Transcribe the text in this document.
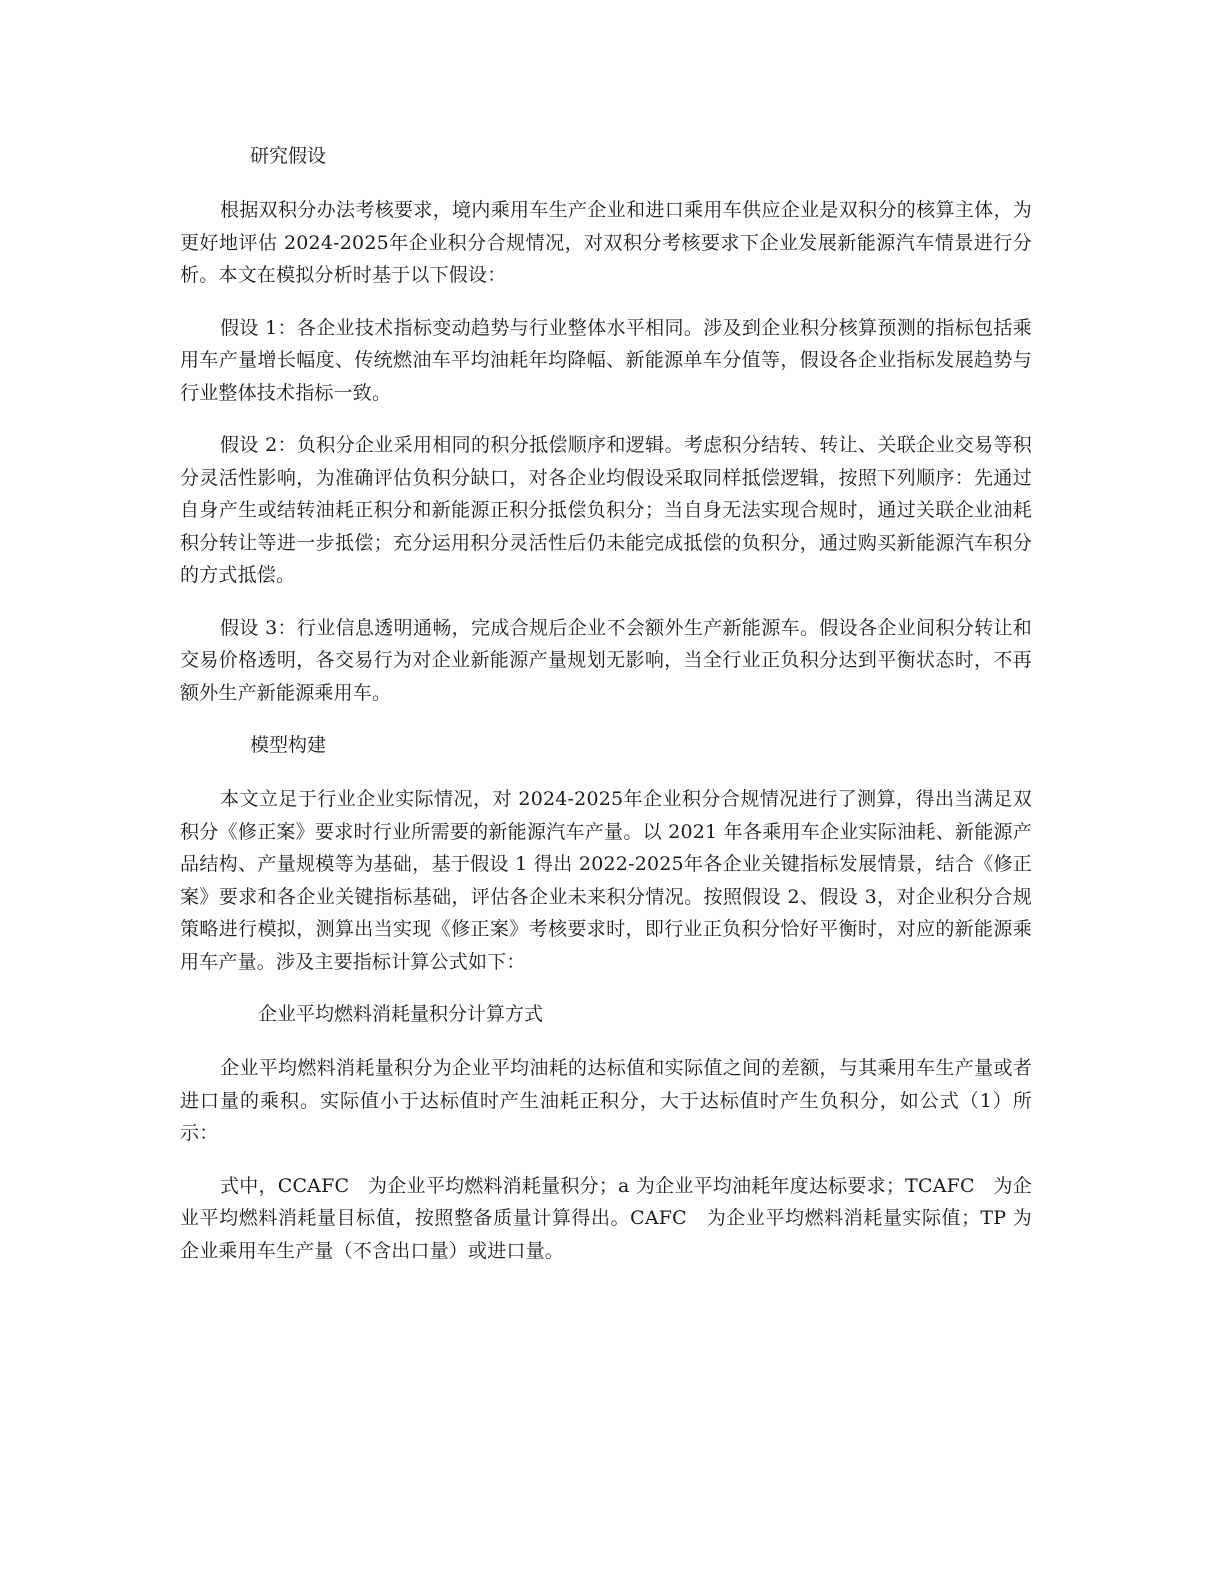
研究假设

根据双积分办法考核要求，境内乘用车生产企业和进口乘用车供应企业是双积分的核算主体，为更好地评估 2024-2025年企业积分合规情况，对双积分考核要求下企业发展新能源汽车情景进行分析。本文在模拟分析时基于以下假设：

假设 1：各企业技术指标变动趋势与行业整体水平相同。涉及到企业积分核算预测的指标包括乘用车产量增长幅度、传统燃油车平均油耗年均降幅、新能源单车分值等，假设各企业指标发展趋势与行业整体技术指标一致。

假设 2：负积分企业采用相同的积分抵偿顺序和逻辑。考虑积分结转、转让、关联企业交易等积分灵活性影响，为准确评估负积分缺口，对各企业均假设采取同样抵偿逻辑，按照下列顺序：先通过自身产生或结转油耗正积分和新能源正积分抵偿负积分；当自身无法实现合规时，通过关联企业油耗积分转让等进一步抵偿；充分运用积分灵活性后仍未能完成抵偿的负积分，通过购买新能源汽车积分的方式抵偿。

假设 3：行业信息透明通畅，完成合规后企业不会额外生产新能源车。假设各企业间积分转让和交易价格透明，各交易行为对企业新能源产量规划无影响，当全行业正负积分达到平衡状态时，不再额外生产新能源乘用车。

模型构建

本文立足于行业企业实际情况，对 2024-2025年企业积分合规情况进行了测算，得出当满足双积分《修正案》要求时行业所需要的新能源汽车产量。以 2021 年各乘用车企业实际油耗、新能源产品结构、产量规模等为基础，基于假设 1 得出 2022-2025年各企业关键指标发展情景，结合《修正案》要求和各企业关键指标基础，评估各企业未来积分情况。按照假设 2、假设 3，对企业积分合规策略进行模拟，测算出当实现《修正案》考核要求时，即行业正负积分恰好平衡时，对应的新能源乘用车产量。涉及主要指标计算公式如下：

企业平均燃料消耗量积分计算方式

企业平均燃料消耗量积分为企业平均油耗的达标值和实际值之间的差额，与其乘用车生产量或者进口量的乘积。实际值小于达标值时产生油耗正积分，大于达标值时产生负积分，如公式（1）所示：

式中，CCAFC   为企业平均燃料消耗量积分；a 为企业平均油耗年度达标要求；TCAFC   为企业平均燃料消耗量目标值，按照整备质量计算得出。CAFC   为企业平均燃料消耗量实际值；TP 为企业乘用车生产量（不含出口量）或进口量。
